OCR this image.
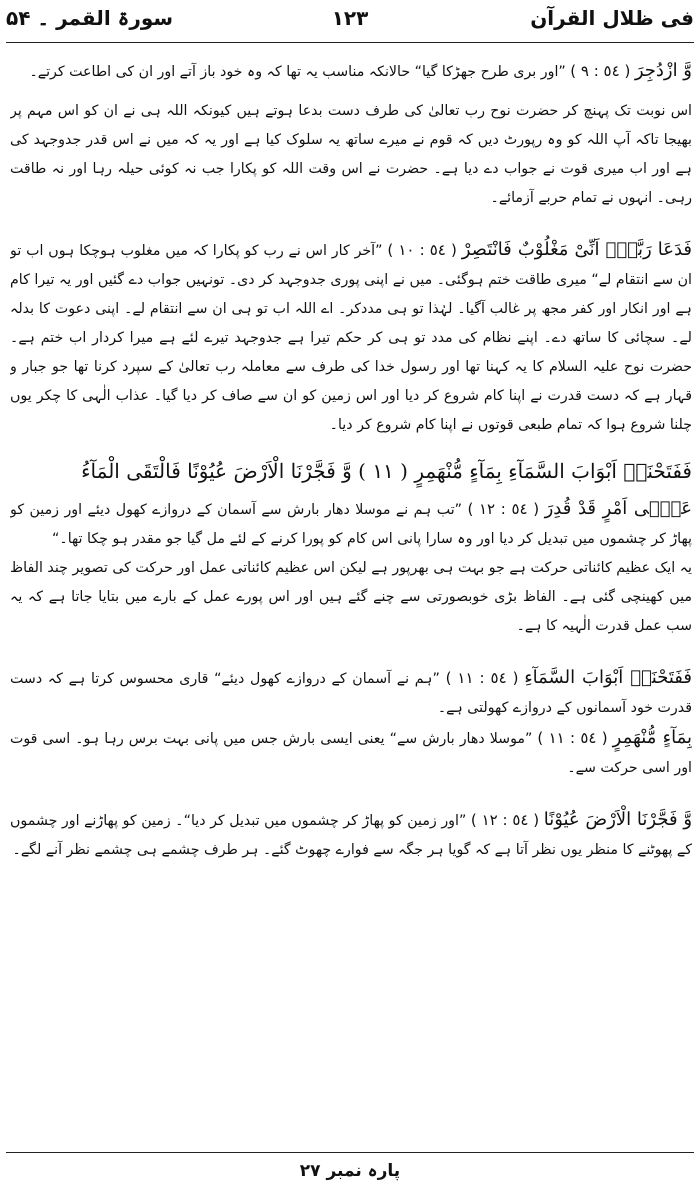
فی ظلال القرآن
۱۲۳
سورۃ القمر ۔ ۵۴

وَّ ازْدُجِرَ ( ٥٤ : ٩ ) ”اور بری طرح جھڑکا گیا“ حالانکہ مناسب یہ تھا کہ وہ خود باز آتے اور ان کی اطاعت کرتے۔

اس نوبت تک پہنچ کر حضرت نوح رب تعالیٰ کی طرف دست بدعا ہوتے ہیں کیونکہ اللہ ہی نے ان کو اس مہم پر بھیجا تاکہ آپ اللہ کو وہ رپورٹ دیں کہ قوم نے میرے ساتھ یہ سلوک کیا ہے اور یہ کہ میں نے اس قدر جدوجہد کی ہے اور اب میری قوت نے جواب دے دیا ہے۔ حضرت نے اس وقت اللہ کو پکارا جب نہ کوئی حیلہ رہا اور نہ طاقت رہی۔ انہوں نے تمام حربے آزمائے۔

فَدَعَا رَبَّهٗۤ اَنِّیْ مَغْلُوْبٌ فَانْتَصِرْ ( ٥٤ : ١٠ ) ”آخر کار اس نے رب کو پکارا کہ میں مغلوب ہوچکا ہوں اب تو ان سے انتقام لے“ میری طاقت ختم ہوگئی۔ میں نے اپنی پوری جدوجہد کر دی۔ تونہیں جواب دے گئیں اور یہ تیرا کام ہے اور انکار اور کفر مجھ پر غالب آگیا۔ لہٰذا تو ہی مددکر۔ اے اللہ اب تو ہی ان سے انتقام لے۔ اپنی دعوت کا بدلہ لے۔ سچائی کا ساتھ دے۔ اپنے نظام کی مدد تو ہی کر حکم تیرا ہے جدوجہد تیرے لئے ہے میرا کردار اب ختم ہے۔ حضرت نوح علیہ السلام کا یہ کہنا تھا اور رسول خدا کی طرف سے معاملہ رب تعالیٰ کے سپرد کرنا تھا جو جبار و قہار ہے کہ دست قدرت نے اپنا کام شروع کر دیا اور اس زمین کو ان سے صاف کر دیا گیا۔ عذاب الٰہی کا چکر یوں چلنا شروع ہوا کہ تمام طبعی قوتوں نے اپنا کام شروع کر دیا۔

فَفَتَحْنَاۤ اَبْوَابَ السَّمَآءِ بِمَآءٍ مُّنْهَمِرٍ ( ١١ ) وَّ فَجَّرْنَا الْاَرْضَ عُیُوْنًا فَالْتَقَى الْمَآءُ

عَلٰۤى اَمْرٍ قَدْ قُدِرَ ( ٥٤ : ١٢ ) ”تب ہم نے موسلا دھار بارش سے آسمان کے دروازے کھول دیئے اور زمین کو پھاڑ کر چشموں میں تبدیل کر دیا اور وہ سارا پانی اس کام کو پورا کرنے کے لئے مل گیا جو مقدر ہو چکا تھا۔“

یہ ایک عظیم کائناتی حرکت ہے جو بہت ہی بھرپور ہے لیکن اس عظیم کائناتی عمل اور حرکت کی تصویر چند الفاظ میں کھینچی گئی ہے۔ الفاظ بڑی خوبصورتی سے چنے گئے ہیں اور اس پورے عمل کے بارے میں بتایا جاتا ہے کہ یہ سب عمل قدرت الٰہیہ کا ہے۔

فَفَتَحْنَاۤ اَبْوَابَ السَّمَآءِ ( ٥٤ : ١١ ) ”ہم نے آسمان کے دروازے کھول دیئے“ قاری محسوس کرتا ہے کہ دست قدرت خود آسمانوں کے دروازے کھولتی ہے۔

بِمَآءٍ مُّنْهَمِرٍ ( ٥٤ : ١١ ) ”موسلا دھار بارش سے“ یعنی ایسی بارش جس میں پانی بہت برس رہا ہو۔ اسی قوت اور اسی حرکت سے۔

وَّ فَجَّرْنَا الْاَرْضَ عُیُوْنًا ( ٥٤ : ١٢ ) ”اور زمین کو پھاڑ کر چشموں میں تبدیل کر دیا“۔ زمین کو پھاڑنے اور چشموں کے پھوٹنے کا منظر یوں نظر آتا ہے کہ گویا ہر جگہ سے فوارے چھوٹ گئے۔ ہر طرف چشمے ہی چشمے نظر آنے لگے۔

پارہ نمبر ۲۷
